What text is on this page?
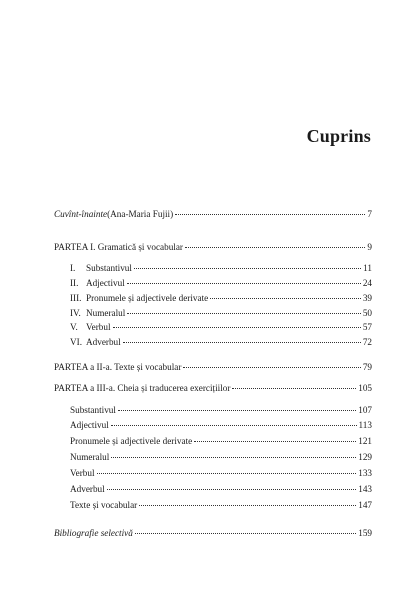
Cuprins
Cuvînt-înainte (Ana-Maria Fujii)	7
PARTEA I. Gramatică și vocabular	9
I.	Substantivul	11
II. Adjectivul	24
III. Pronumele și adjectivele derivate	39
IV. Numeralul	50
V. Verbul	57
VI. Adverbul	72
PARTEA a II-a. Texte și vocabular	79
PARTEA a III-a. Cheia și traducerea exercițiilor	105
Substantivul	107
Adjectivul	113
Pronumele și adjectivele derivate	121
Numeralul	129
Verbul	133
Adverbul	143
Texte și vocabular	147
Bibliografie selectivă	159
